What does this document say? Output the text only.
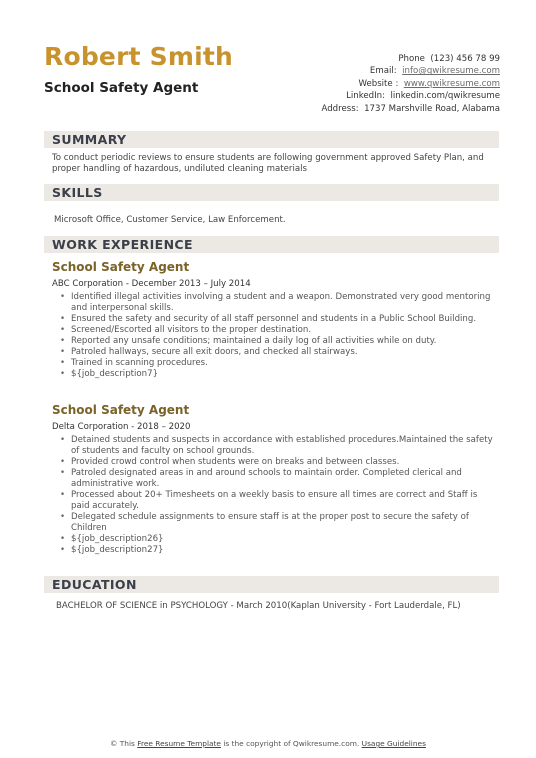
Robert Smith
School Safety Agent
Phone (123) 456 78 99
Email: info@qwikresume.com
Website : www.qwikresume.com
LinkedIn: linkedin.com/qwikresume
Address: 1737 Marshville Road, Alabama
SUMMARY
To conduct periodic reviews to ensure students are following government approved Safety Plan, and proper handling of hazardous, undiluted cleaning materials
SKILLS
Microsoft Office, Customer Service, Law Enforcement.
WORK EXPERIENCE
School Safety Agent
ABC Corporation - December 2013 – July 2014
• Identified illegal activities involving a student and a weapon. Demonstrated very good mentoring and interpersonal skills.
• Ensured the safety and security of all staff personnel and students in a Public School Building.
• Screened/Escorted all visitors to the proper destination.
• Reported any unsafe conditions; maintained a daily log of all activities while on duty.
• Patroled hallways, secure all exit doors, and checked all stairways.
• Trained in scanning procedures.
• ${job_description7}
School Safety Agent
Delta Corporation - 2018 – 2020
• Detained students and suspects in accordance with established procedures.Maintained the safety of students and faculty on school grounds.
• Provided crowd control when students were on breaks and between classes.
• Patroled designated areas in and around schools to maintain order. Completed clerical and administrative work.
• Processed about 20+ Timesheets on a weekly basis to ensure all times are correct and Staff is paid accurately.
• Delegated schedule assignments to ensure staff is at the proper post to secure the safety of Children
• ${job_description26}
• ${job_description27}
EDUCATION
BACHELOR OF SCIENCE in PSYCHOLOGY - March 2010(Kaplan University - Fort Lauderdale, FL)
© This Free Resume Template is the copyright of Qwikresume.com. Usage Guidelines
